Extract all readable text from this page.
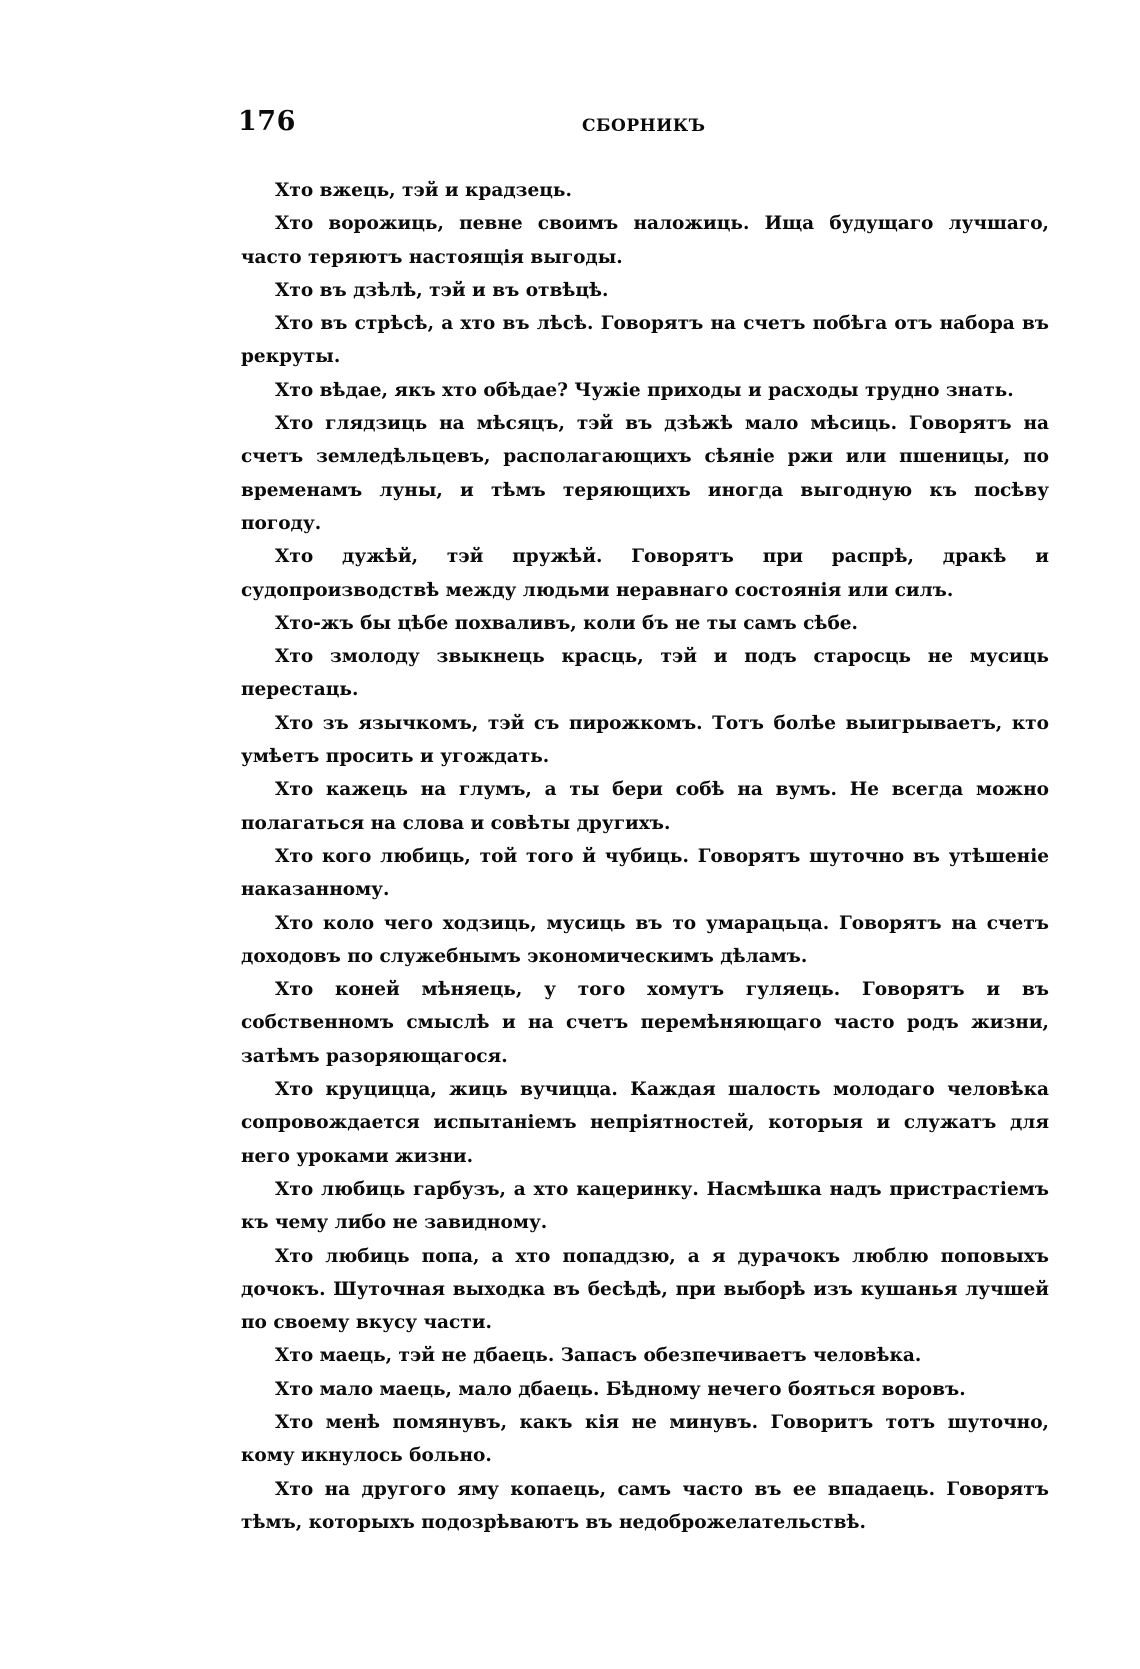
176	СБОРНИКЪ

Хто вжець, тэй и крадзець.

Хто ворожиць, певне своимъ наложиць. Ища будущаго лучшаго, часто теряютъ настоящія выгоды.

Хто въ дзѣлѣ, тэй и въ отвѣцѣ.

Хто въ стрѣсѣ, а хто въ лѣсѣ. Говорятъ на счетъ побѣга отъ набора въ рекруты.

Хто вѣдае, якъ хто обѣдае? Чужіе приходы и расходы трудно знать.

Хто глядзиць на мѣсяцъ, тэй въ дзѣжѣ мало мѣсиць. Говорятъ на счетъ земледѣльцевъ, располагающихъ сѣяніе ржи или пшеницы, по временамъ луны, и тѣмъ теряющихъ иногда выгодную къ посѣву погоду.

Хто дужѣй, тэй пружѣй. Говорятъ при распрѣ, дракѣ и судопроизводствѣ между людьми неравнаго состоянія или силъ.

Хто-жъ бы цѣбе похваливъ, коли бъ не ты самъ сѣбе.

Хто змолоду звыкнець красць, тэй и подъ старосць не мусиць перестаць.

Хто зъ язычкомъ, тэй съ пирожкомъ. Тотъ болѣе выигрываетъ, кто умѣетъ просить и угождать.

Хто кажець на глумъ, а ты бери собѣ на вумъ. Не всегда можно полагаться на слова и совѣты другихъ.

Хто кого любиць, той того й чубиць. Говорятъ шуточно въ утѣшеніе наказанному.

Хто коло чего ходзиць, мусиць въ то умарацьца. Говорятъ на счетъ доходовъ по служебнымъ экономическимъ дѣламъ.

Хто коней мѣняець, у того хомутъ гуляець. Говорятъ и въ собственномъ смыслѣ и на счетъ перемѣняющаго часто родъ жизни, затѣмъ разоряющагося.

Хто круциццa, жиць вучицца. Каждая шалость молодаго человѣка сопровождается испытаніемъ непріятностей, которыя и служатъ для него уроками жизни.

Хто любиць гарбузъ, а хто кацеринку. Насмѣшка надъ пристрастіемъ къ чему либо не завидному.

Хто любиць попа, а хто попаддзю, а я дурачокъ люблю поповыхъ дочокъ. Шуточная выходка въ бесѣдѣ, при выборѣ изъ кушанья лучшей по своему вкусу части.

Хто маець, тэй не дбаець. Запасъ обезпечиваетъ человѣка.

Хто мало маець, мало дбаець. Бѣдному нечего бояться воровъ.

Хто менѣ помянувъ, какъ кія не минувъ. Говоритъ тотъ шуточно, кому икнулось больно.

Хто на другого яму копаець, самъ часто въ ее впадаець. Говорятъ тѣмъ, которыхъ подозрѣваютъ въ недоброжелательствѣ.
